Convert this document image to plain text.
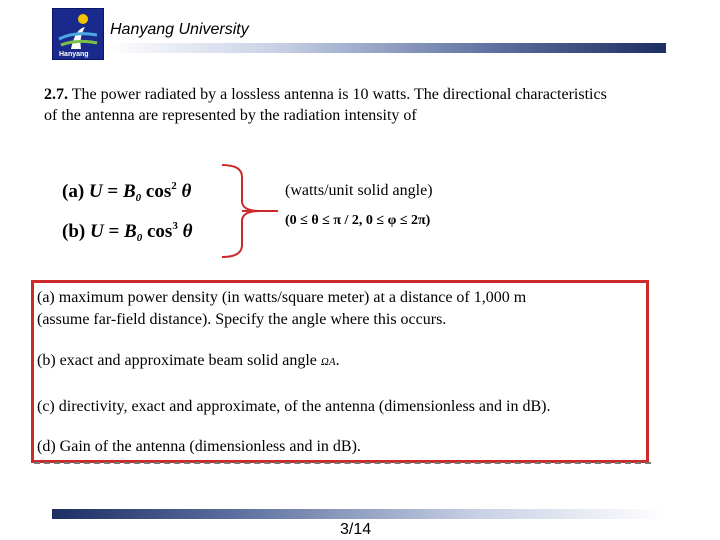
Hanyang
Hanyang University
2.7. The power radiated by a lossless antenna is 10 watts. The directional characteristics
of the antenna are represented by the radiation intensity of
(a) $U = B_0$ $\cos^2 \theta$
(b) $U = B_0$ $\cos^3 \theta$
(watts/unit solid angle)
(0 ≤ θ ≤ π / 2, 0 ≤ φ ≤ 2π)
(a) maximum power density (in watts/square meter) at a distance of 1,000 m
(assume far-field distance). Specify the angle where this occurs.
(b) exact and approximate beam solid angle ΩA.
(c) directivity, exact and approximate, of the antenna (dimensionless and in dB).
(d) Gain of the antenna (dimensionless and in dB).
3/14
